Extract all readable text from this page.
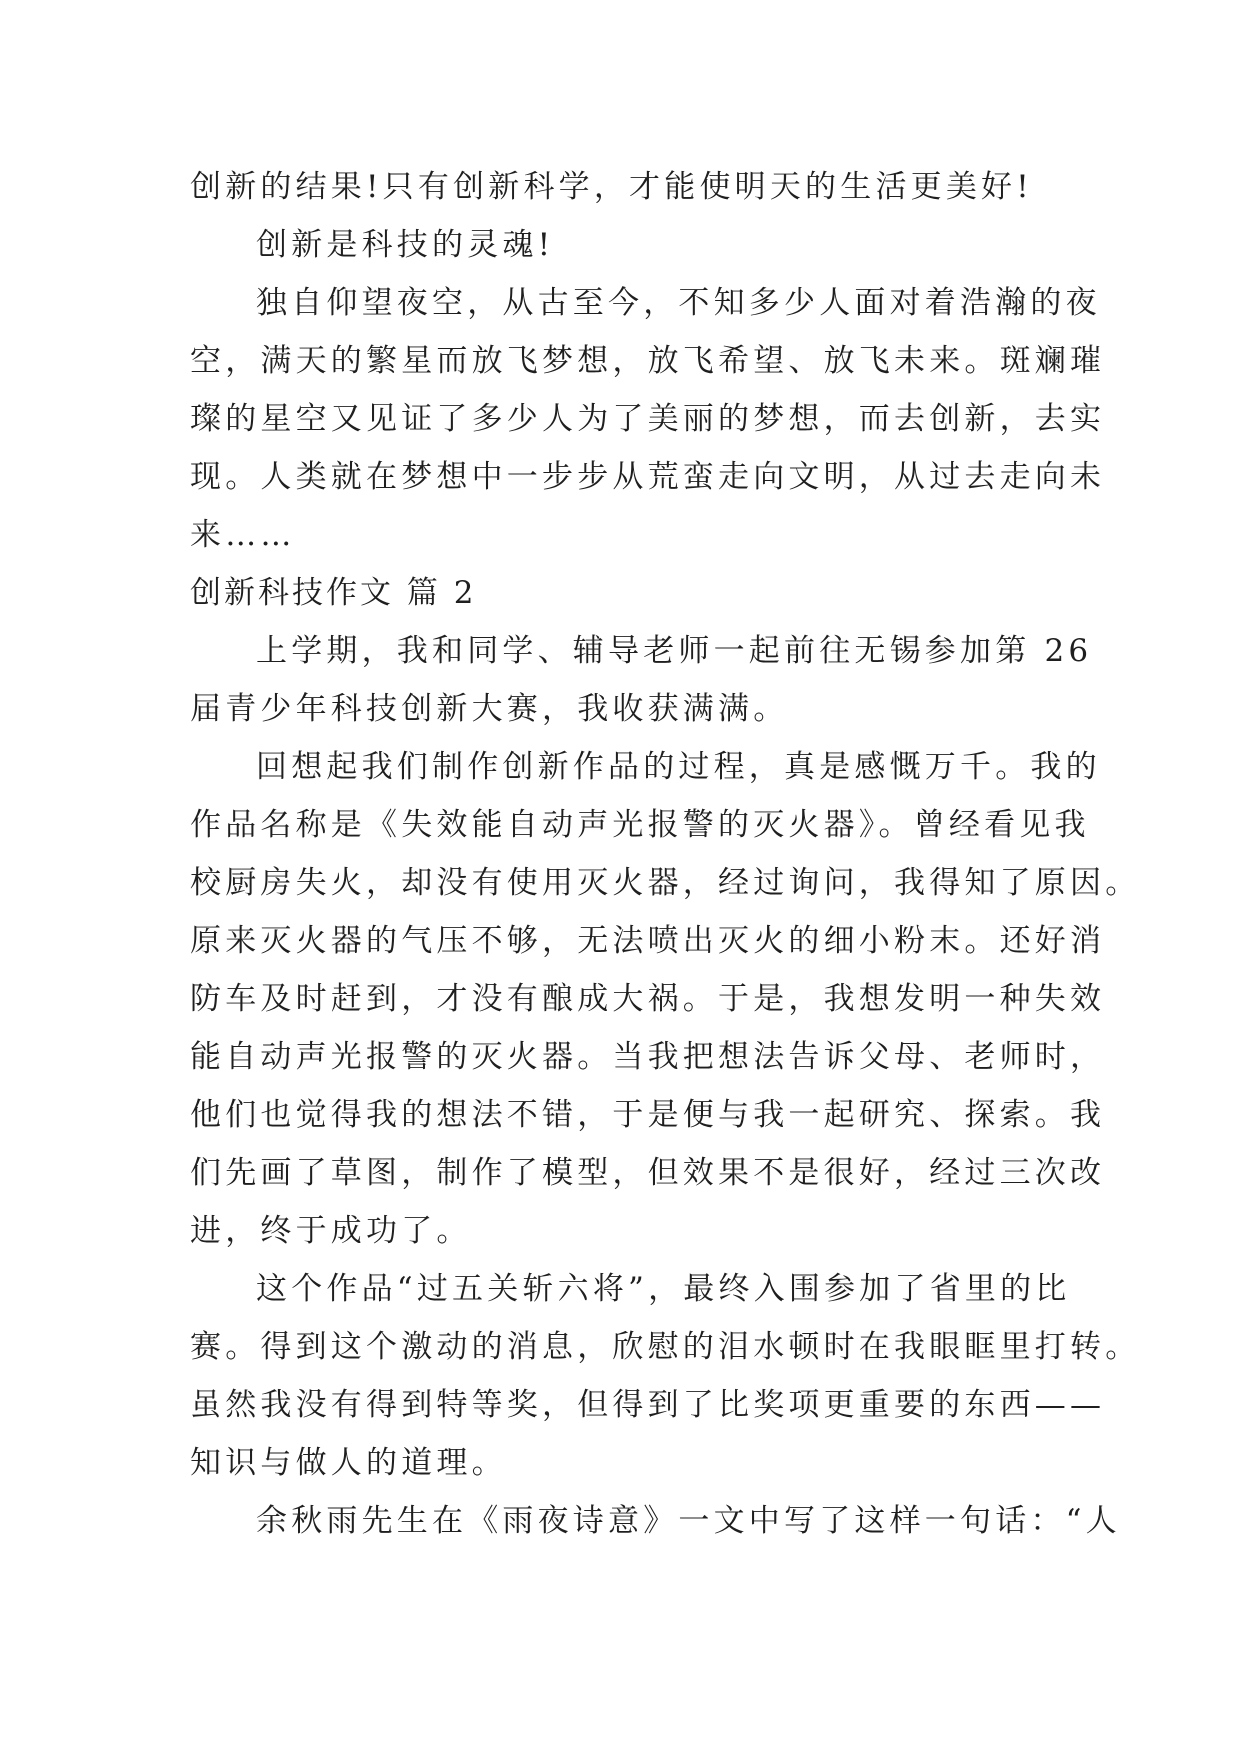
创新的结果!只有创新科学，才能使明天的生活更美好!
创新是科技的灵魂!
独自仰望夜空，从古至今，不知多少人面对着浩瀚的夜
空，满天的繁星而放飞梦想，放飞希望、放飞未来。斑斓璀
璨的星空又见证了多少人为了美丽的梦想，而去创新，去实
现。人类就在梦想中一步步从荒蛮走向文明，从过去走向未
来……
创新科技作文 篇 2
上学期，我和同学、辅导老师一起前往无锡参加第 26
届青少年科技创新大赛，我收获满满。
回想起我们制作创新作品的过程，真是感慨万千。我的
作品名称是《失效能自动声光报警的灭火器》。曾经看见我
校厨房失火，却没有使用灭火器，经过询问，我得知了原因。
原来灭火器的气压不够，无法喷出灭火的细小粉末。还好消
防车及时赶到，才没有酿成大祸。于是，我想发明一种失效
能自动声光报警的灭火器。当我把想法告诉父母、老师时，
他们也觉得我的想法不错，于是便与我一起研究、探索。我
们先画了草图，制作了模型，但效果不是很好，经过三次改
进，终于成功了。
这个作品“过五关斩六将”，最终入围参加了省里的比
赛。得到这个激动的消息，欣慰的泪水顿时在我眼眶里打转。
虽然我没有得到特等奖，但得到了比奖项更重要的东西——
知识与做人的道理。
余秋雨先生在《雨夜诗意》一文中写了这样一句话：“人
